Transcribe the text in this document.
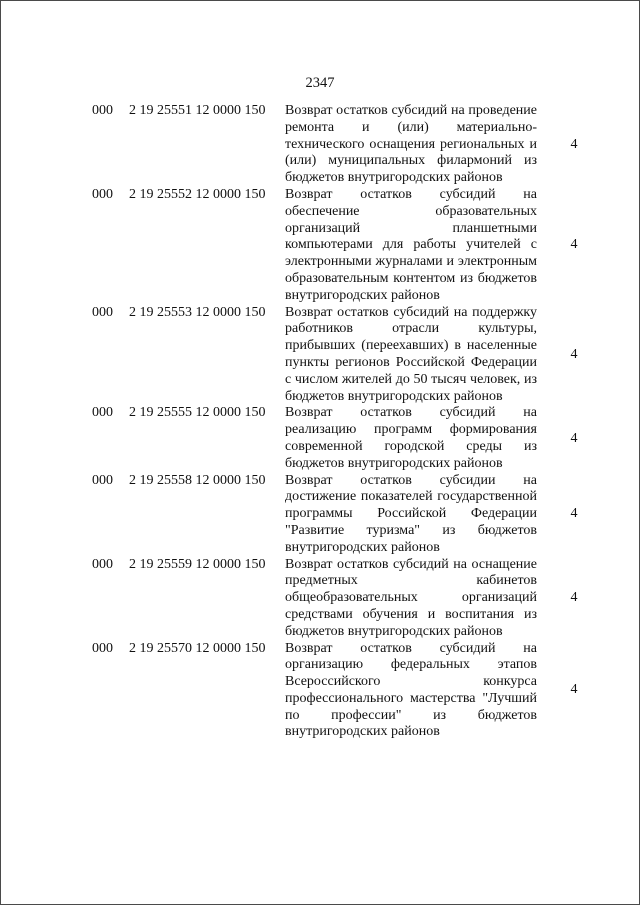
2347
000 2 19 25551 12 0000 150 Возврат остатков субсидий на проведение ремонта и (или) материально-технического оснащения региональных и (или) муниципальных филармоний из бюджетов внутригородских районов
4
000 2 19 25552 12 0000 150 Возврат остатков субсидий на обеспечение образовательных организаций планшетными компьютерами для работы учителей с электронными журналами и электронным образовательным контентом из бюджетов внутригородских районов
4
000 2 19 25553 12 0000 150 Возврат остатков субсидий на поддержку работников отрасли культуры, прибывших (переехавших) в населенные пункты регионов Российской Федерации с числом жителей до 50 тысяч человек, из бюджетов внутригородских районов
4
000 2 19 25555 12 0000 150 Возврат остатков субсидий на реализацию программ формирования современной городской среды из бюджетов внутригородских районов
4
000 2 19 25558 12 0000 150 Возврат остатков субсидии на достижение показателей государственной программы Российской Федерации "Развитие туризма" из бюджетов внутригородских районов
4
000 2 19 25559 12 0000 150 Возврат остатков субсидий на оснащение предметных кабинетов общеобразовательных организаций средствами обучения и воспитания из бюджетов внутригородских районов
4
000 2 19 25570 12 0000 150 Возврат остатков субсидий на организацию федеральных этапов Всероссийского конкурса профессионального мастерства "Лучший по профессии" из бюджетов внутригородских районов
4
